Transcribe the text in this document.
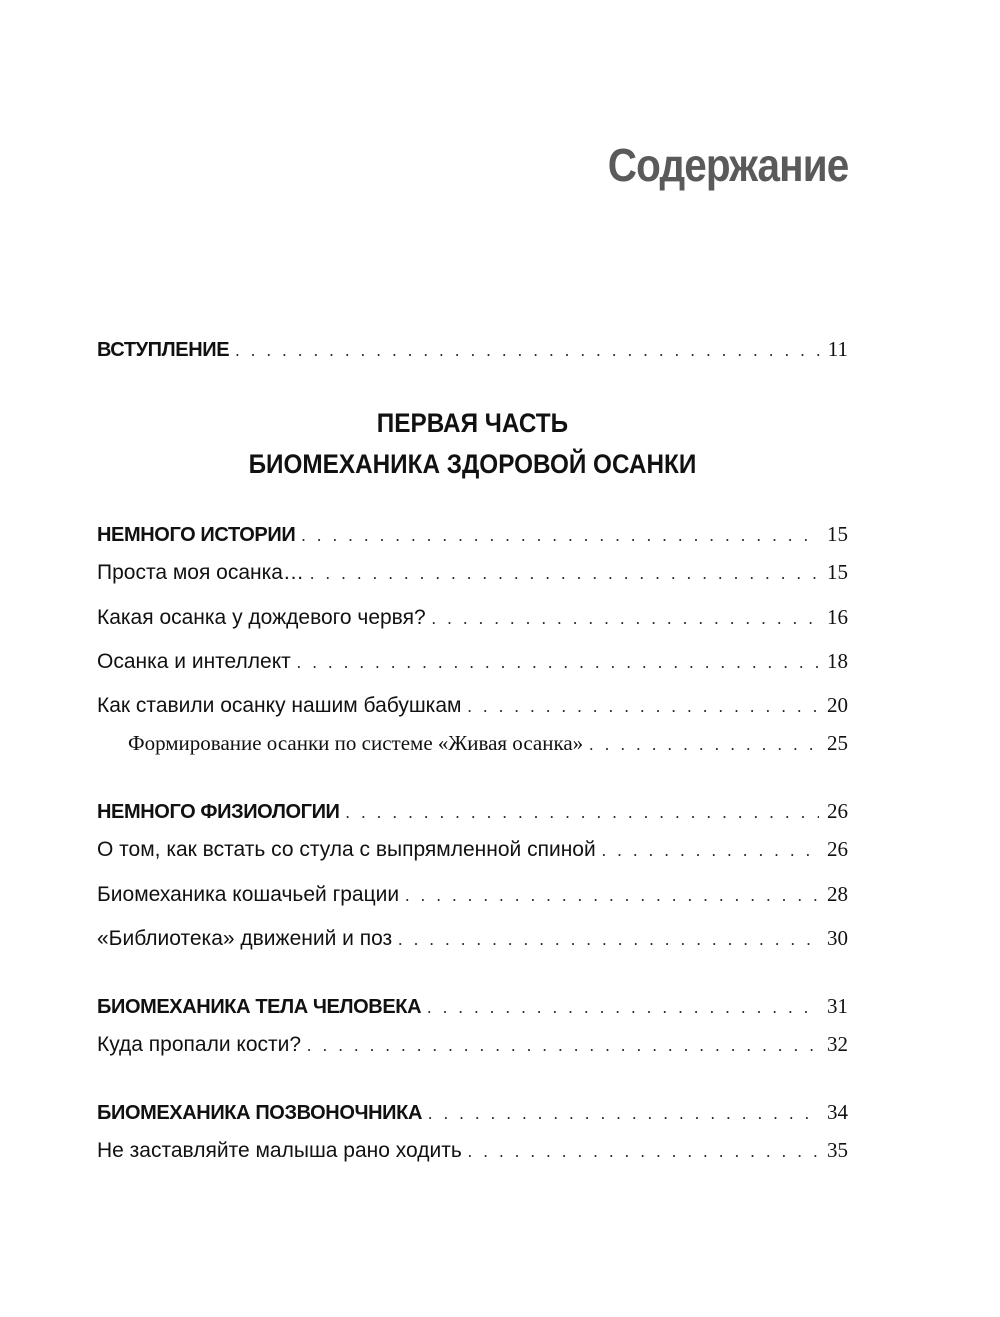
Содержание
ВСТУПЛЕНИЕ . . .	11
ПЕРВАЯ ЧАСТЬ
БИОМЕХАНИКА ЗДОРОВОЙ ОСАНКИ
НЕМНОГО ИСТОРИИ . . .	15
Проста моя осанка… . . .	15
Какая осанка у дождевого червя? . . .	16
Осанка и интеллект . . .	18
Как ставили осанку нашим бабушкам . . .	20
Формирование осанки по системе «Живая осанка» . . .	25
НЕМНОГО ФИЗИОЛОГИИ . . .	26
О том, как встать со стула с выпрямленной спиной . . .	26
Биомеханика кошачьей грации . . .	28
«Библиотека» движений и поз . . .	30
БИОМЕХАНИКА ТЕЛА ЧЕЛОВЕКА . . .	31
Куда пропали кости? . . .	32
БИОМЕХАНИКА ПОЗВОНОЧНИКА . . .	34
Не заставляйте малыша рано ходить . . .	35
